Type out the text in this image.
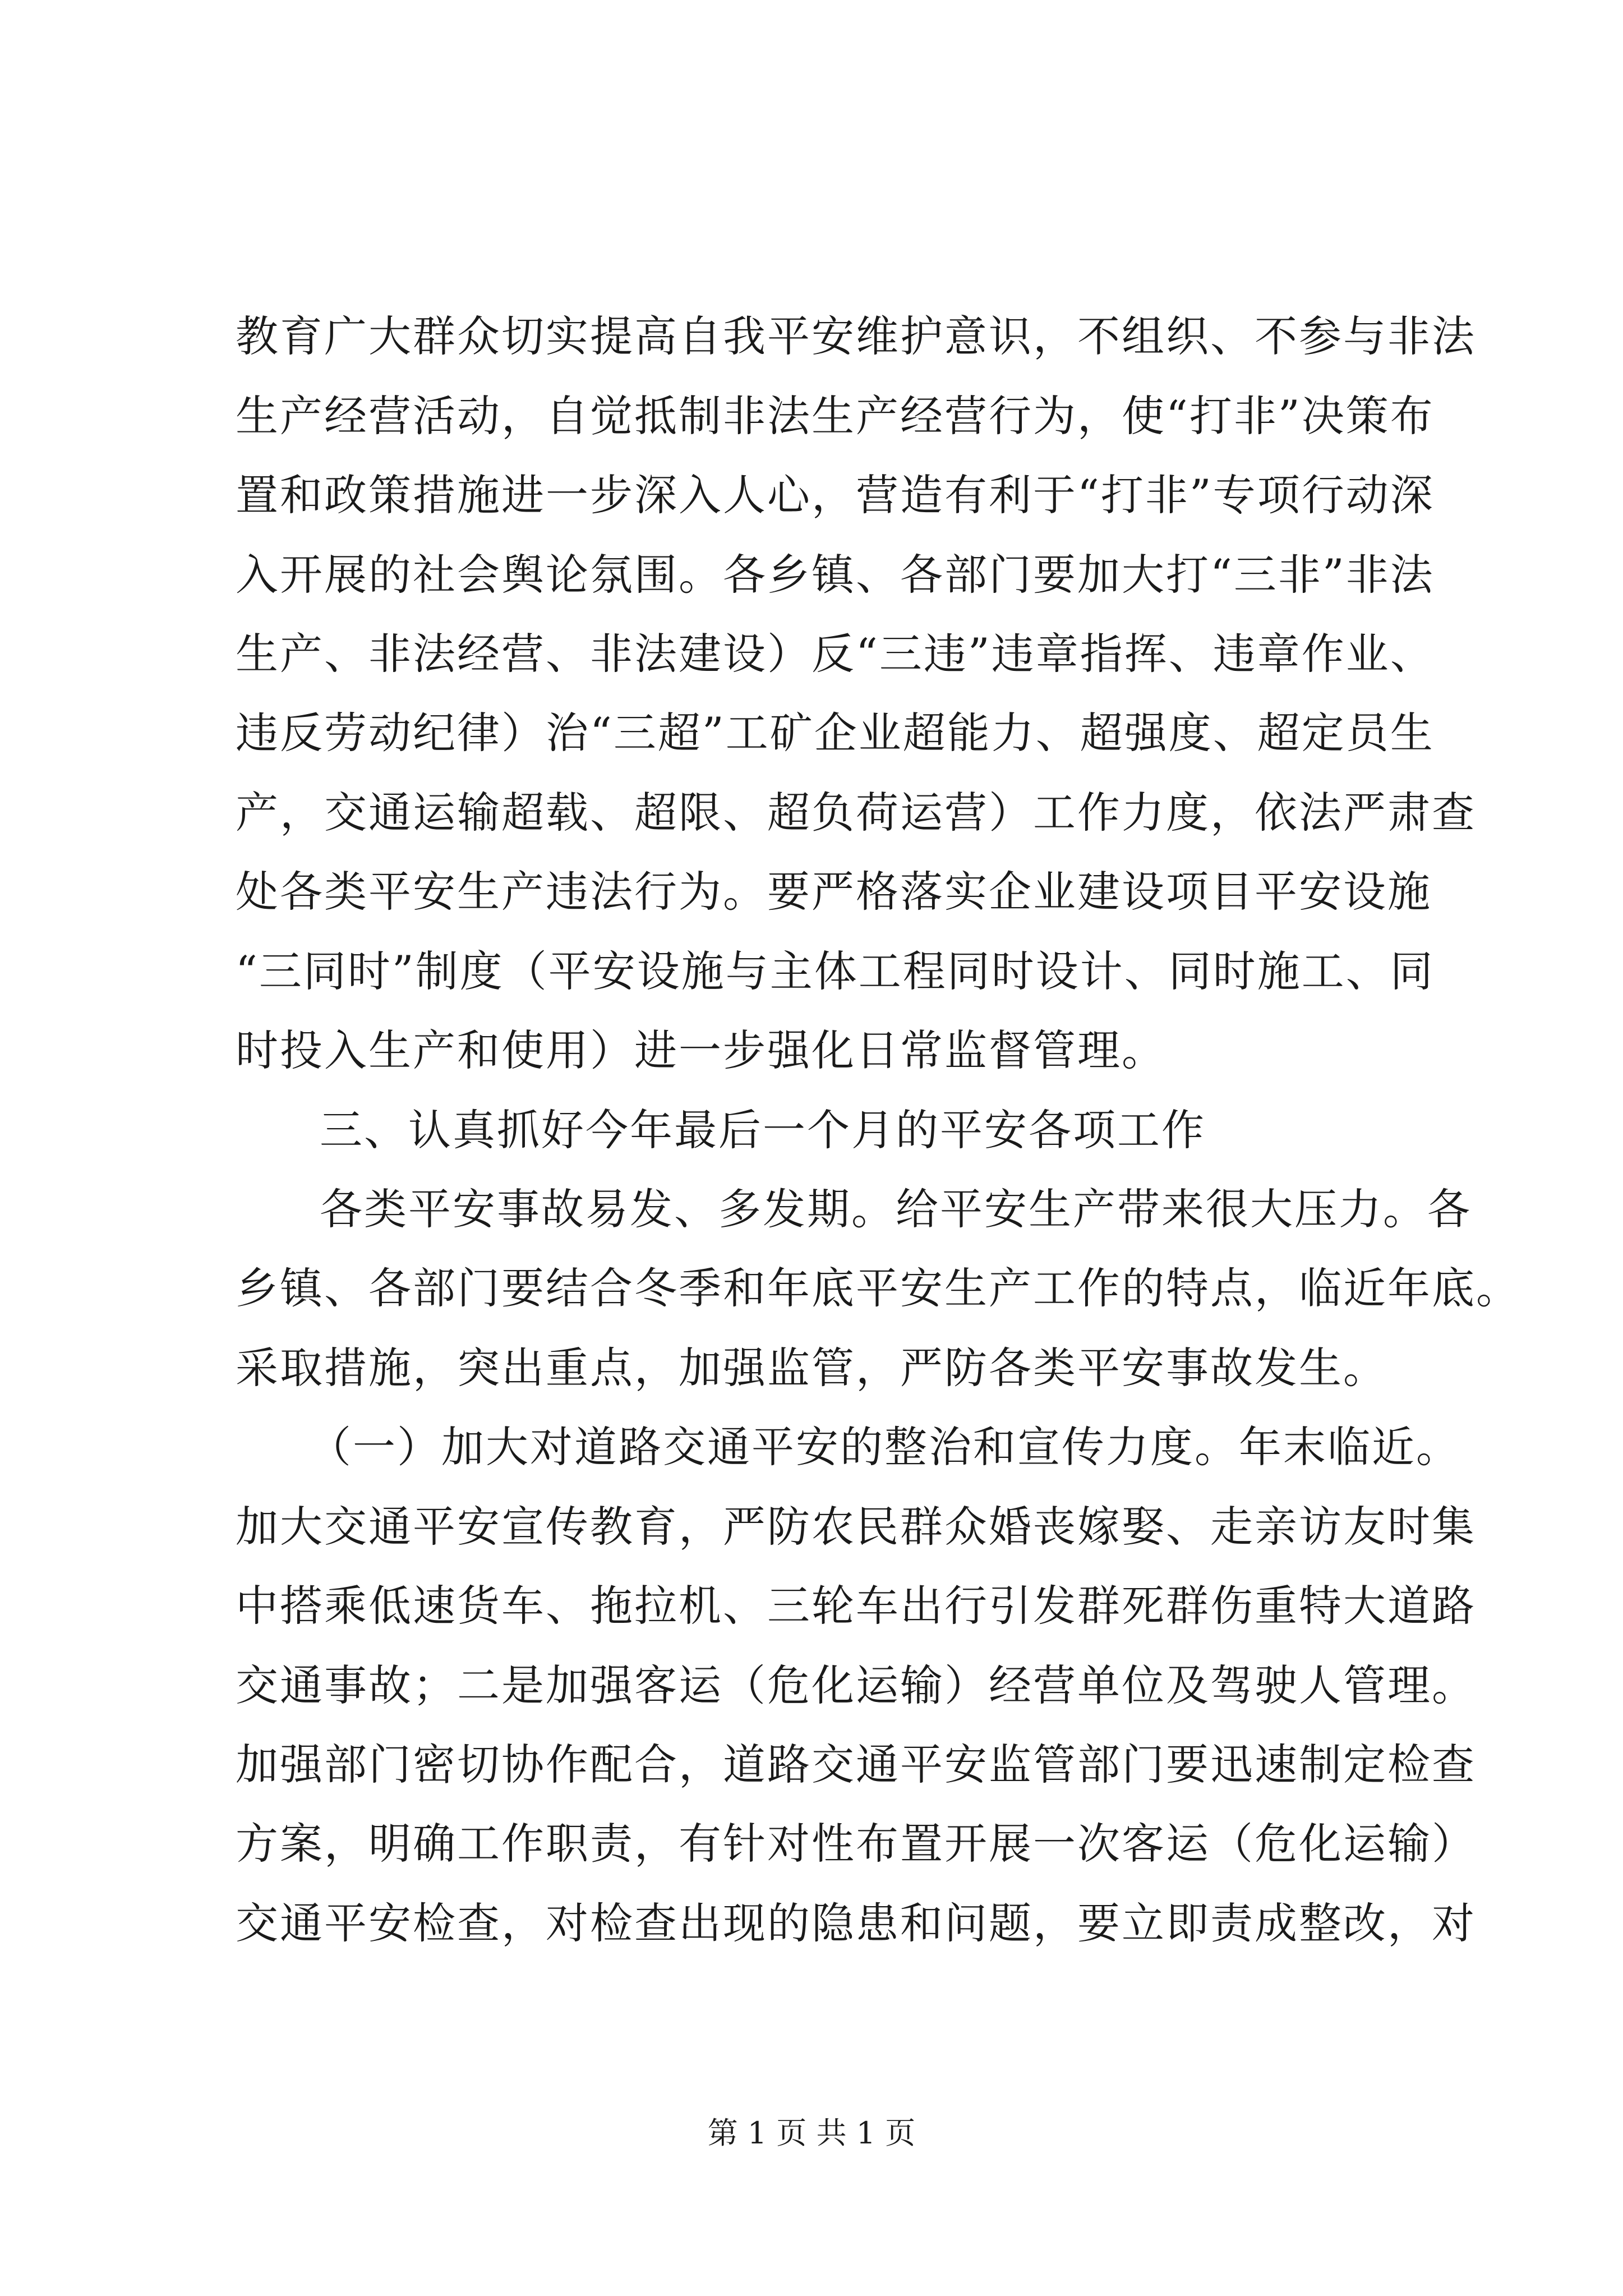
教育广大群众切实提高自我平安维护意识，不组织、不参与非法
生产经营活动，自觉抵制非法生产经营行为，使“打非”决策布
置和政策措施进一步深入人心，营造有利于“打非”专项行动深
入开展的社会舆论氛围。各乡镇、各部门要加大打“三非”非法
生产、非法经营、非法建设）反“三违”违章指挥、违章作业、
违反劳动纪律）治“三超”工矿企业超能力、超强度、超定员生
产，交通运输超载、超限、超负荷运营）工作力度，依法严肃查
处各类平安生产违法行为。要严格落实企业建设项目平安设施
“三同时”制度（平安设施与主体工程同时设计、同时施工、同
时投入生产和使用）进一步强化日常监督管理。
三、认真抓好今年最后一个月的平安各项工作
各类平安事故易发、多发期。给平安生产带来很大压力。各
乡镇、各部门要结合冬季和年底平安生产工作的特点，临近年底。
采取措施，突出重点，加强监管，严防各类平安事故发生。
（一）加大对道路交通平安的整治和宣传力度。年末临近。
加大交通平安宣传教育，严防农民群众婚丧嫁娶、走亲访友时集
中搭乘低速货车、拖拉机、三轮车出行引发群死群伤重特大道路
交通事故；二是加强客运（危化运输）经营单位及驾驶人管理。
加强部门密切协作配合，道路交通平安监管部门要迅速制定检查
方案，明确工作职责，有针对性布置开展一次客运（危化运输）
交通平安检查，对检查出现的隐患和问题，要立即责成整改，对
第 1 页 共 1 页
